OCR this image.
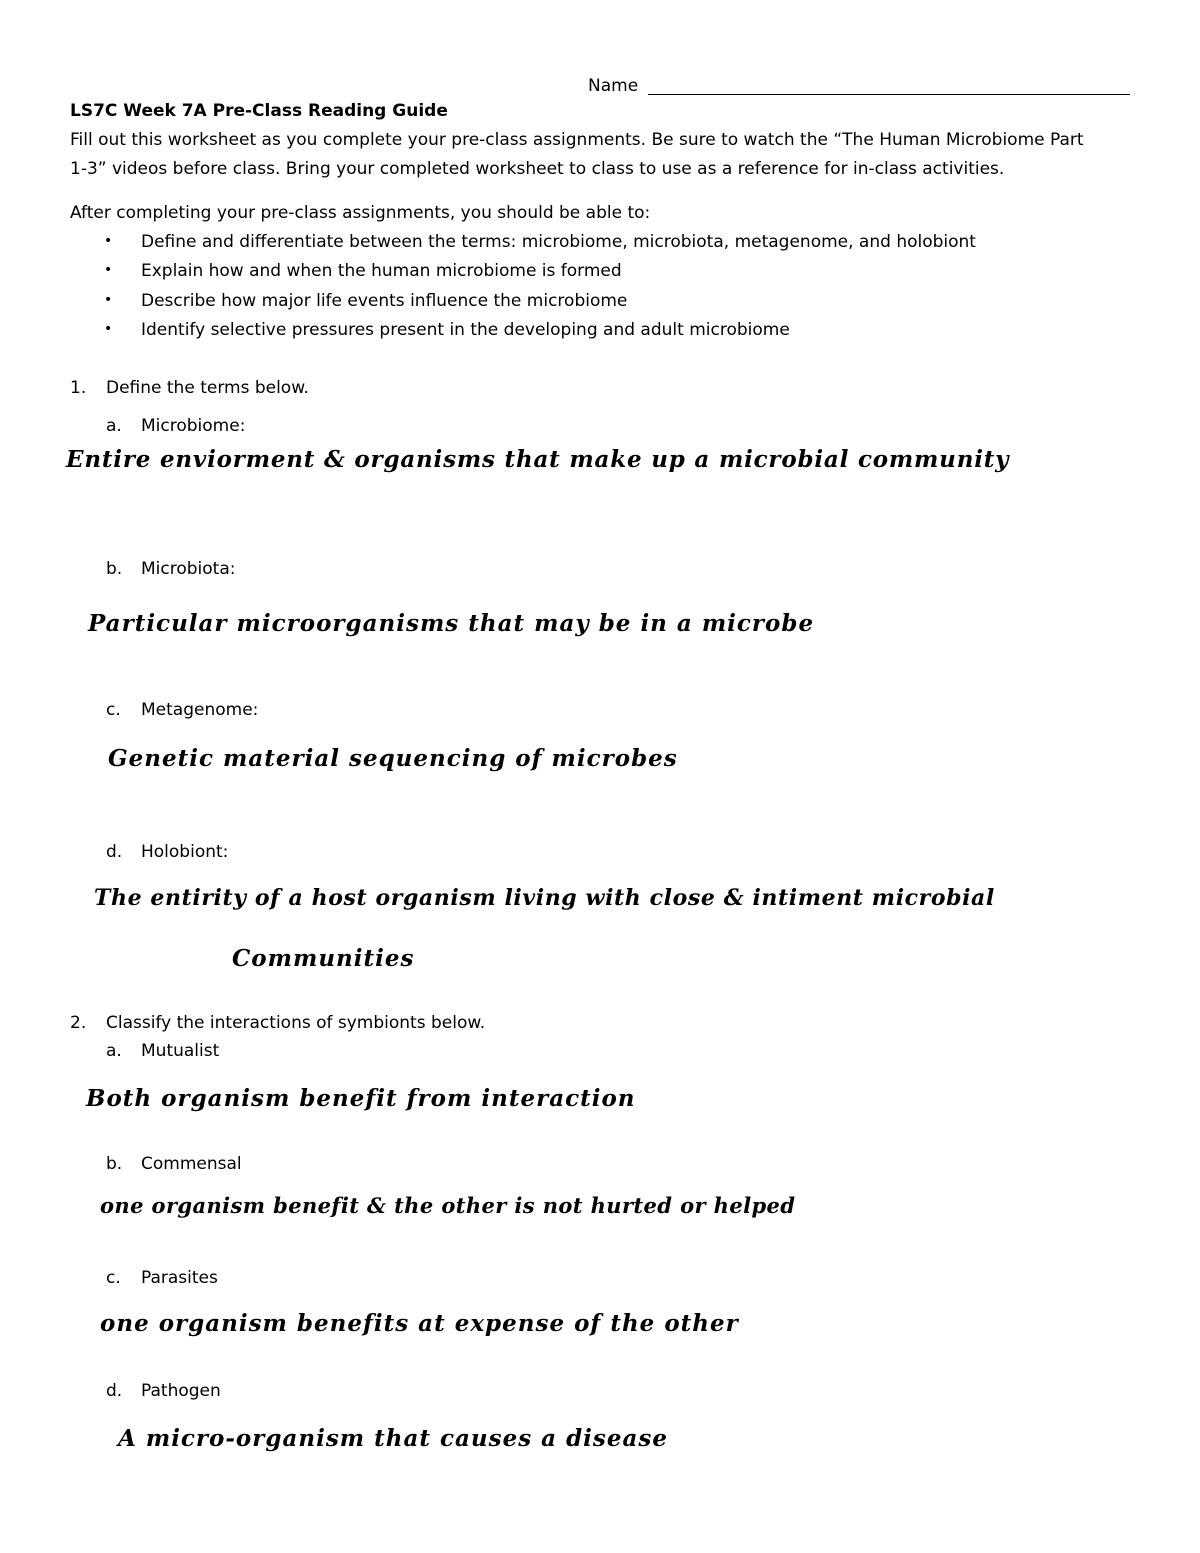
Name
LS7C Week 7A Pre-Class Reading Guide
Fill out this worksheet as you complete your pre-class assignments. Be sure to watch the “The Human Microbiome Part
1-3” videos before class. Bring your completed worksheet to class to use as a reference for in-class activities.
After completing your pre-class assignments, you should be able to:
• Define and differentiate between the terms: microbiome, microbiota, metagenome, and holobiont
• Explain how and when the human microbiome is formed
• Describe how major life events influence the microbiome
• Identify selective pressures present in the developing and adult microbiome
1. Define the terms below.
a. Microbiome:
Entire enviorment & organisms that make up a microbial community
b. Microbiota:
Particular microorganisms that may be in a microbe
c. Metagenome:
Genetic material sequencing of microbes
d. Holobiont:
The entirity of a host organism living with close & intiment microbial
Communities
2. Classify the interactions of symbionts below.
a. Mutualist
Both organism benefit from interaction
b. Commensal
one organism benefit & the other is not hurted or helped
c. Parasites
one organism benefits at expense of the other
d. Pathogen
A micro-organism that causes a disease
